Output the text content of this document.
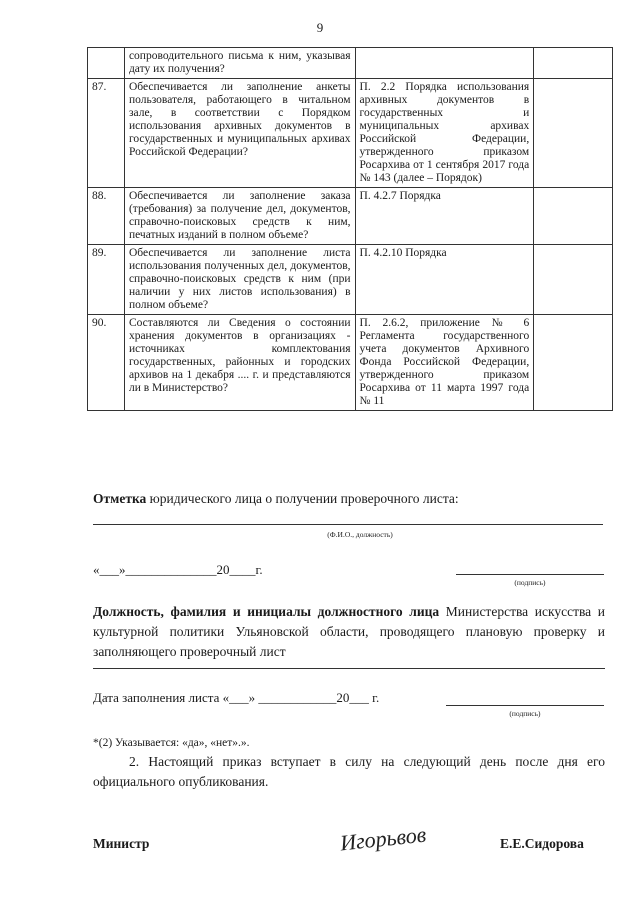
9
	сопроводительного письма к ним, указывая дату их получения?		
87.	Обеспечивается ли заполнение анкеты пользователя, работающего в читальном зале, в соответствии с Порядком использования архивных документов в государственных и муниципальных архивах Российской Федерации?	П. 2.2 Порядка использования архивных документов в государственных и муниципальных архивах Российской Федерации, утвержденного приказом Росархива от 1 сентября 2017 года № 143 (далее – Порядок)	
88.	Обеспечивается ли заполнение заказа (требования) за получение дел, документов, справочно-поисковых средств к ним, печатных изданий в полном объеме?	П. 4.2.7 Порядка	
89.	Обеспечивается ли заполнение листа использования полученных дел, документов, справочно-поисковых средств к ним (при наличии у них листов использования) в полном объеме?	П. 4.2.10 Порядка	
90.	Составляются ли Сведения о состоянии хранения документов в организациях - источниках комплектования государственных, районных и городских архивов на 1 декабря .... г. и представляются ли в Министерство?	П. 2.6.2, приложение № 6 Регламента государственного учета документов Архивного Фонда Российской Федерации, утвержденного приказом Росархива от 11 марта 1997 года № 11	
Отметка юридического лица о получении проверочного листа:
(Ф.И.О., должность)
«___»______________20____г.
(подпись)
Должность, фамилия и инициалы должностного лица Министерства искусства и культурной политики Ульяновской области, проводящего плановую проверку и заполняющего проверочный лист
Дата заполнения листа «___» ____________20___ г.
(подпись)
*(2) Указывается: «да», «нет».».
2. Настоящий приказ вступает в силу на следующий день после дня его официального опубликования.
Министр	Игорьвов	Е.Е.Сидорова
